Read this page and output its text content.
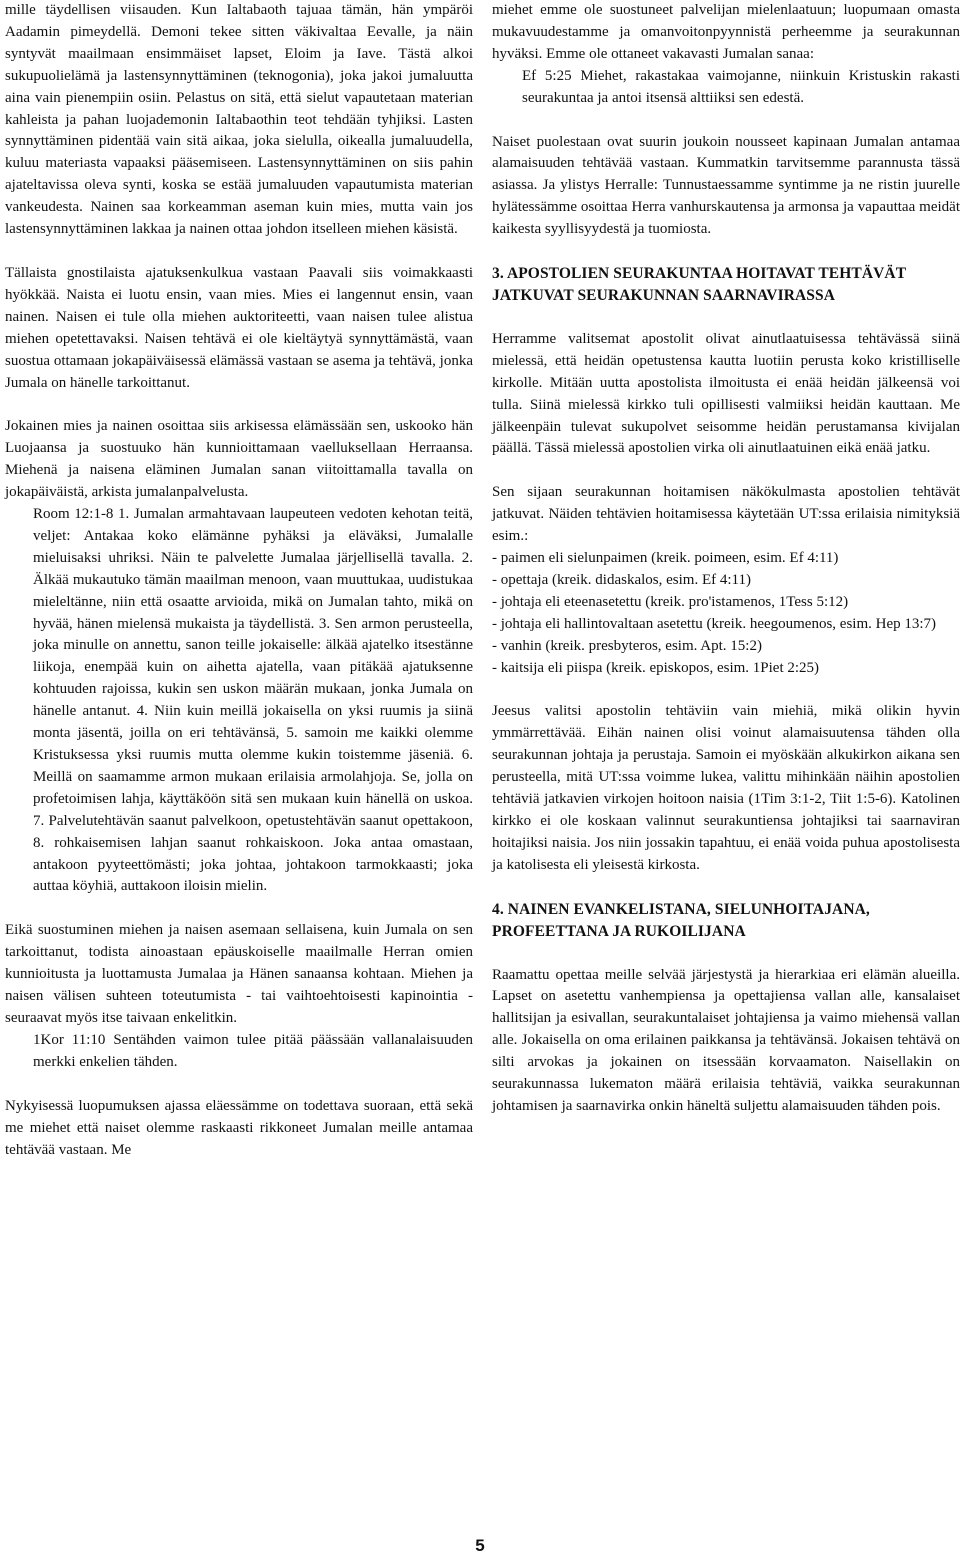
mille täydellisen viisauden. Kun Ialtabaoth tajuaa tämän, hän ympäröi Aadamin pimeydellä. Demoni tekee sitten väkivaltaa Eevalle, ja näin syntyvät maailmaan ensimmäiset lapset, Eloim ja Iave. Tästä alkoi sukupuolielämä ja lastensynnyttäminen (teknogonia), joka jakoi jumaluutta aina vain pienempiin osiin. Pelastus on sitä, että sielut vapautetaan materian kahleista ja pahan luojademonin Ialtabaothin teot tehdään tyhjiksi. Lasten synnyttäminen pidentää vain sitä aikaa, joka sielulla, oikealla jumaluudella, kuluu materiasta vapaaksi pääsemiseen. Lastensynnyttäminen on siis pahin ajateltavissa oleva synti, koska se estää jumaluuden vapautumista materian vankeudesta. Nainen saa korkeamman aseman kuin mies, mutta vain jos lastensynnyttäminen lakkaa ja nainen ottaa johdon itselleen miehen käsistä.

Tällaista gnostilaista ajatuksenkulkua vastaan Paavali siis voimakkaasti hyökkää. Naista ei luotu ensin, vaan mies. Mies ei langennut ensin, vaan nainen. Naisen ei tule olla miehen auktoriteetti, vaan naisen tulee alistua miehen opetettavaksi. Naisen tehtävä ei ole kieltäytyä synnyttämästä, vaan suostua ottamaan jokapäiväisessä elämässä vastaan se asema ja tehtävä, jonka Jumala on hänelle tarkoittanut.

Jokainen mies ja nainen osoittaa siis arkisessa elämässään sen, uskooko hän Luojaansa ja suostuuko hän kunnioittamaan vaelluksellaan Herraansa. Miehenä ja naisena eläminen Jumalan sanan viitoittamalla tavalla on jokapäiväistä, arkista jumalanpalvelusta.

Room 12:1-8 1. Jumalan armahtavaan laupeuteen vedoten kehotan teitä, veljet: Antakaa koko elämänne pyhäksi ja eläväksi, Jumalalle mieluisaksi uhriksi. Näin te palvelette Jumalaa järjellisellä tavalla. 2. Älkää mukautuko tämän maailman menoon, vaan muuttukaa, uudistukaa mieleltänne, niin että osaatte arvioida, mikä on Jumalan tahto, mikä on hyvää, hänen mielensä mukaista ja täydellistä. 3. Sen armon perusteella, joka minulle on annettu, sanon teille jokaiselle: älkää ajatelko itsestänne liikoja, enempää kuin on aihetta ajatella, vaan pitäkää ajatuksenne kohtuuden rajoissa, kukin sen uskon määrän mukaan, jonka Jumala on hänelle antanut. 4. Niin kuin meillä jokaisella on yksi ruumis ja siinä monta jäsentä, joilla on eri tehtävänsä, 5. samoin me kaikki olemme Kristuksessa yksi ruumis mutta olemme kukin toistemme jäseniä. 6. Meillä on saamamme armon mukaan erilaisia armolahjoja. Se, jolla on profetoimisen lahja, käyttäköön sitä sen mukaan kuin hänellä on uskoa. 7. Palvelutehtävän saanut palvelkoon, opetustehtävän saanut opettakoon, 8. rohkaisemisen lahjan saanut rohkaiskoon. Joka antaa omastaan, antakoon pyyteettömästi; joka johtaa, johtakoon tarmokkaasti; joka auttaa köyhiä, auttakoon iloisin mielin.

Eikä suostuminen miehen ja naisen asemaan sellaisena, kuin Jumala on sen tarkoittanut, todista ainoastaan epäuskoiselle maailmalle Herran omien kunnioitusta ja luottamusta Jumalaa ja Hänen sanaansa kohtaan. Miehen ja naisen välisen suhteen toteutumista - tai vaihtoehtoisesti kapinointia - seuraavat myös itse taivaan enkelitkin.

1Kor 11:10 Sentähden vaimon tulee pitää päässään vallanalaisuuden merkki enkelien tähden.

Nykyisessä luopumuksen ajassa eläessämme on todettava suoraan, että sekä me miehet että naiset olemme raskaasti rikkoneet Jumalan meille antamaa tehtävää vastaan. Me

miehet emme ole suostuneet palvelijan mielenlaatuun; luopumaan omasta mukavuudestamme ja omanvoitonpyynnistä perheemme ja seurakunnan hyväksi. Emme ole ottaneet vakavasti Jumalan sanaa:

Ef 5:25 Miehet, rakastakaa vaimojanne, niinkuin Kristuskin rakasti seurakuntaa ja antoi itsensä alttiiksi sen edestä.

Naiset puolestaan ovat suurin joukoin nousseet kapinaan Jumalan antamaa alamaisuuden tehtävää vastaan. Kummatkin tarvitsemme parannusta tässä asiassa. Ja ylistys Herralle: Tunnustaessamme syntimme ja ne ristin juurelle hylätessämme osoittaa Herra vanhurskautensa ja armonsa ja vapauttaa meidät kaikesta syyllisyydestä ja tuomiosta.

3. APOSTOLIEN SEURAKUNTAA HOITAVAT TEHTÄVÄT JATKUVAT SEURAKUNNAN SAARNAVIRASSA

Herramme valitsemat apostolit olivat ainutlaatuisessa tehtävässä siinä mielessä, että heidän opetustensa kautta luotiin perusta koko kristilliselle kirkolle. Mitään uutta apostolista ilmoitusta ei enää heidän jälkeensä voi tulla. Siinä mielessä kirkko tuli opillisesti valmiiksi heidän kauttaan. Me jälkeenpäin tulevat sukupolvet seisomme heidän perustamansa kivijalan päällä. Tässä mielessä apostolien virka oli ainutlaatuinen eikä enää jatku.

Sen sijaan seurakunnan hoitamisen näkökulmasta apostolien tehtävät jatkuvat. Näiden tehtävien hoitamisessa käytetään UT:ssa erilaisia nimityksiä esim.:

- paimen eli sielunpaimen (kreik. poimeen, esim. Ef 4:11)
- opettaja (kreik. didaskalos, esim. Ef 4:11)
- johtaja eli eteenasetettu (kreik. pro'istamenos, 1Tess 5:12)
- johtaja eli hallintovaltaan asetettu (kreik. heegoumenos, esim. Hep 13:7)
- vanhin (kreik. presbyteros, esim. Apt. 15:2)
- kaitsija eli piispa (kreik. episkopos, esim. 1Piet 2:25)

Jeesus valitsi apostolin tehtäviin vain miehiä, mikä olikin hyvin ymmärrettävää. Eihän nainen olisi voinut alamaisuutensa tähden olla seurakunnan johtaja ja perustaja. Samoin ei myöskään alkukirkon aikana sen perusteella, mitä UT:ssa voimme lukea, valittu mihinkään näihin apostolien tehtäviä jatkavien virkojen hoitoon naisia (1Tim 3:1-2, Tiit 1:5-6). Katolinen kirkko ei ole koskaan valinnut seurakuntiensa johtajiksi tai saarnaviran hoitajiksi naisia. Jos niin jossakin tapahtuu, ei enää voida puhua apostolisesta ja katolisesta eli yleisestä kirkosta.

4. NAINEN EVANKELISTANA, SIELUNHOITAJANA, PROFEETTANA JA RUKOILIJANA

Raamattu opettaa meille selvää järjestystä ja hierarkiaa eri elämän alueilla. Lapset on asetettu vanhempiensa ja opettajiensa vallan alle, kansalaiset hallitsijan ja esivallan, seurakuntalaiset johtajiensa ja vaimo miehensä vallan alle. Jokaisella on oma erilainen paikkansa ja tehtävänsä. Jokaisen tehtävä on silti arvokas ja jokainen on itsessään korvaamaton. Naisellakin on seurakunnassa lukematon määrä erilaisia tehtäviä, vaikka seurakunnan johtamisen ja saarnavirka onkin häneltä suljettu alamaisuuden tähden pois.

5
